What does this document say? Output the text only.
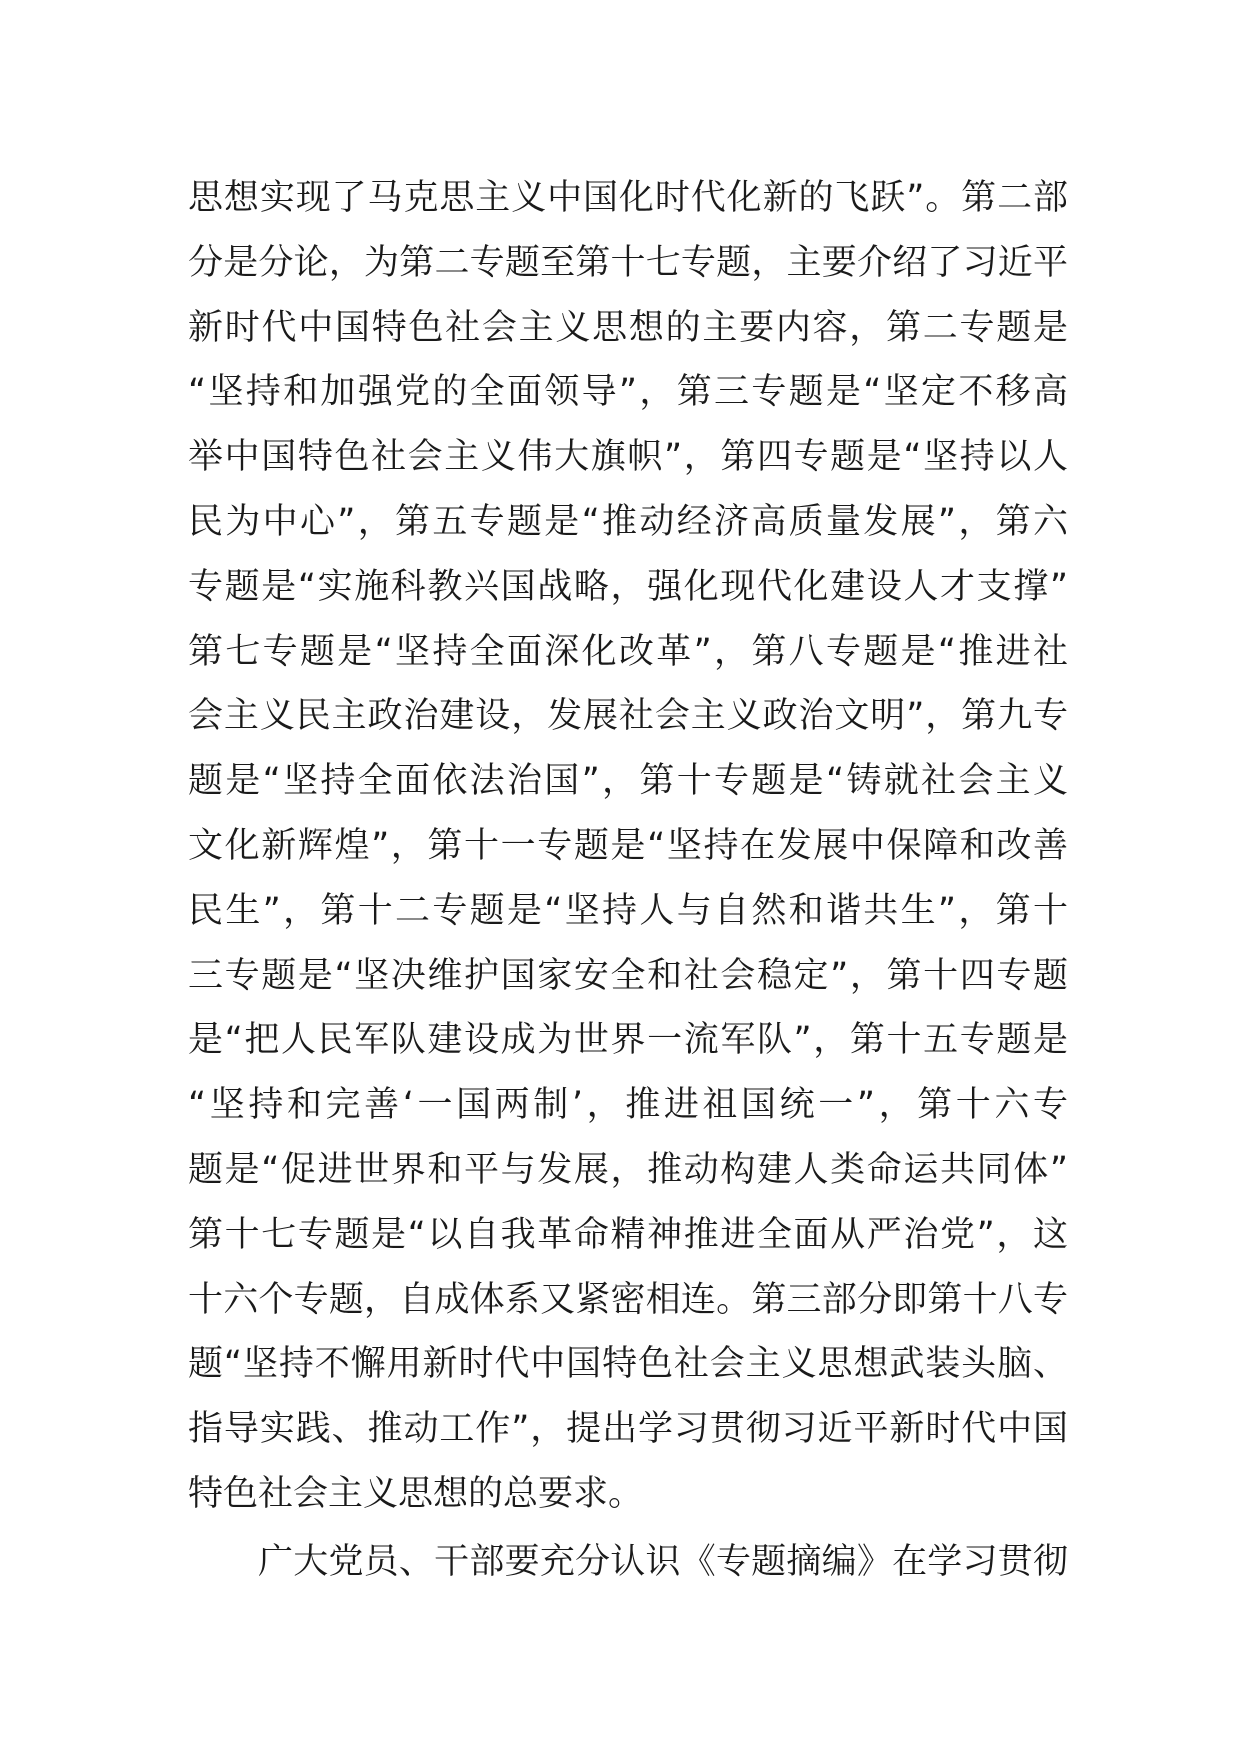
思想实现了马克思主义中国化时代化新的飞跃”。第二部
分是分论，为第二专题至第十七专题，主要介绍了习近平
新时代中国特色社会主义思想的主要内容，第二专题是
“坚持和加强党的全面领导”，第三专题是“坚定不移高
举中国特色社会主义伟大旗帜”，第四专题是“坚持以人
民为中心”，第五专题是“推动经济高质量发展”，第六
专题是“实施科教兴国战略，强化现代化建设人才支撑”
第七专题是“坚持全面深化改革”，第八专题是“推进社
会主义民主政治建设，发展社会主义政治文明”，第九专
题是“坚持全面依法治国”，第十专题是“铸就社会主义
文化新辉煌”，第十一专题是“坚持在发展中保障和改善
民生”，第十二专题是“坚持人与自然和谐共生”，第十
三专题是“坚决维护国家安全和社会稳定”，第十四专题
是“把人民军队建设成为世界一流军队”，第十五专题是
“坚持和完善‘一国两制’，推进祖国统一”，第十六专
题是“促进世界和平与发展，推动构建人类命运共同体”
第十七专题是“以自我革命精神推进全面从严治党”，这
十六个专题，自成体系又紧密相连。第三部分即第十八专
题“坚持不懈用新时代中国特色社会主义思想武装头脑、
指导实践、推动工作”，提出学习贯彻习近平新时代中国
特色社会主义思想的总要求。
广大党员、干部要充分认识《专题摘编》在学习贯彻
